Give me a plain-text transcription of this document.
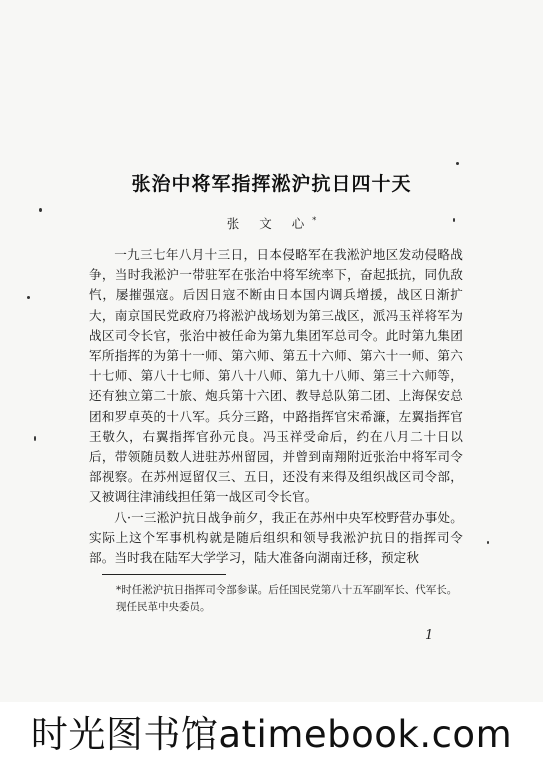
张治中将军指挥淞沪抗日四十天
张 文 心*

一九三七年八月十三日，日本侵略军在我淞沪地区发动侵略战争，当时我淞沪一带驻军在张治中将军统率下，奋起抵抗，同仇敌忾，屡摧强寇。后因日寇不断由日本国内调兵增援，战区日渐扩大，南京国民党政府乃将淞沪战场划为第三战区，派冯玉祥将军为战区司令长官，张治中被任命为第九集团军总司令。此时第九集团军所指挥的为第十一师、第六师、第五十六师、第六十一师、第六十七师、第八十七师、第八十八师、第九十八师、第三十六师等，还有独立第二十旅、炮兵第十六团、教导总队第二团、上海保安总团和罗卓英的十八军。兵分三路，中路指挥官宋希濂，左翼指挥官王敬久，右翼指挥官孙元良。冯玉祥受命后，约在八月二十日以后，带领随员数人进驻苏州留园，并曾到南翔附近张治中将军司令部视察。在苏州逗留仅三、五日，还没有来得及组织战区司令部，又被调往津浦线担任第一战区司令长官。

八·一三淞沪抗日战争前夕，我正在苏州中央军校野营办事处。实际上这个军事机构就是随后组织和领导我淞沪抗日的指挥司令部。当时我在陆军大学学习，陆大准备向湖南迁移，预定秋

*时任淞沪抗日指挥司令部参谋。后任国民党第八十五军副军长、代军长。现任民革中央委员。
1
时光图书馆atimebook.com
